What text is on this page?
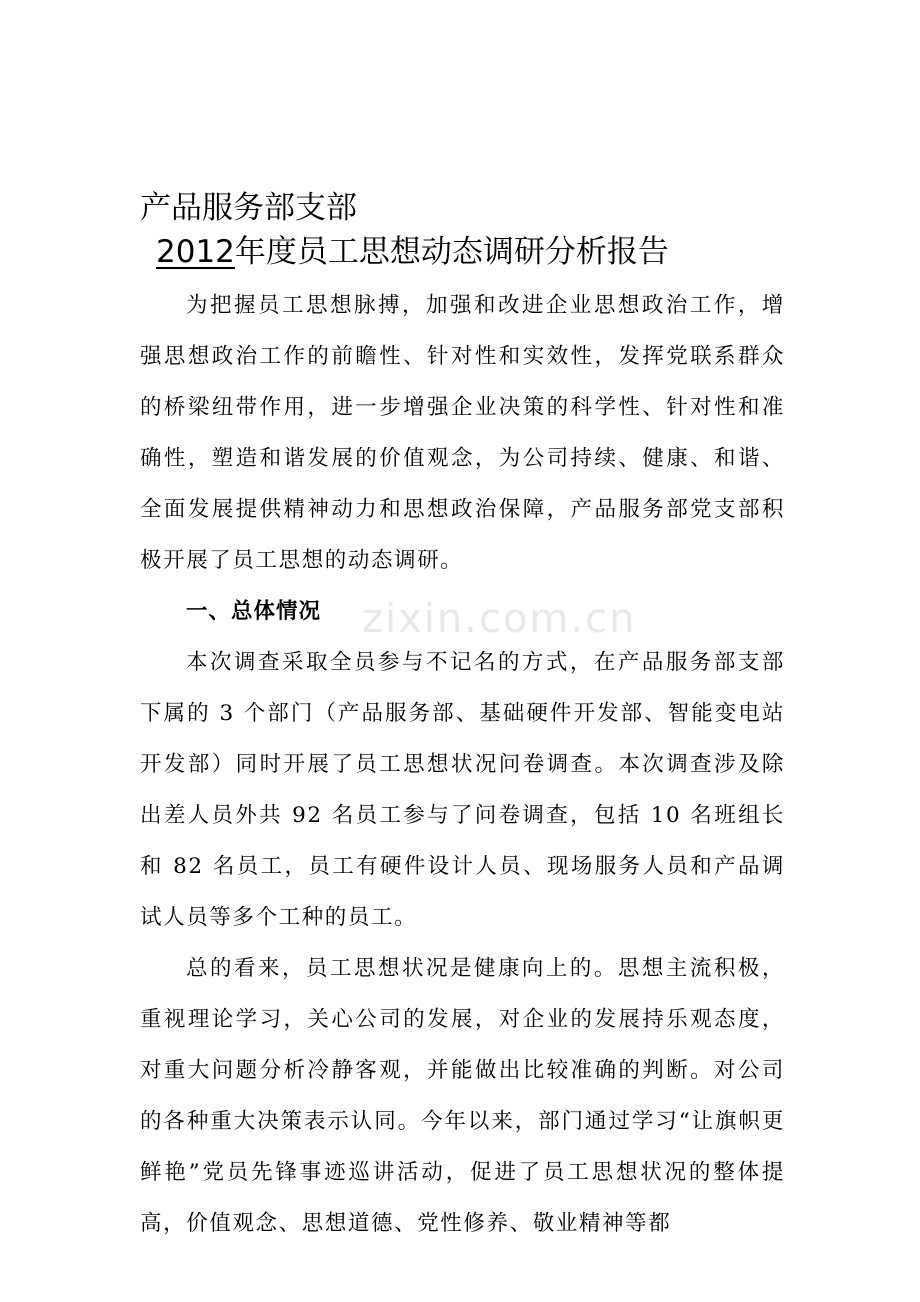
zixin.com.cn
产品服务部支部
2012年度员工思想动态调研分析报告

为把握员工思想脉搏，加强和改进企业思想政治工作，增强思想政治工作的前瞻性、针对性和实效性，发挥党联系群众的桥梁纽带作用，进一步增强企业决策的科学性、针对性和准确性，塑造和谐发展的价值观念，为公司持续、健康、和谐、全面发展提供精神动力和思想政治保障，产品服务部党支部积极开展了员工思想的动态调研。

一、总体情况

本次调查采取全员参与不记名的方式，在产品服务部支部下属的 3 个部门（产品服务部、基础硬件开发部、智能变电站开发部）同时开展了员工思想状况问卷调查。本次调查涉及除出差人员外共 92 名员工参与了问卷调查，包括 10 名班组长和 82 名员工，员工有硬件设计人员、现场服务人员和产品调试人员等多个工种的员工。

总的看来，员工思想状况是健康向上的。思想主流积极，重视理论学习，关心公司的发展，对企业的发展持乐观态度，对重大问题分析冷静客观，并能做出比较准确的判断。对公司的各种重大决策表示认同。今年以来，部门通过学习“让旗帜更鲜艳”党员先锋事迹巡讲活动，促进了员工思想状况的整体提高，价值观念、思想道德、党性修养、敬业精神等都
